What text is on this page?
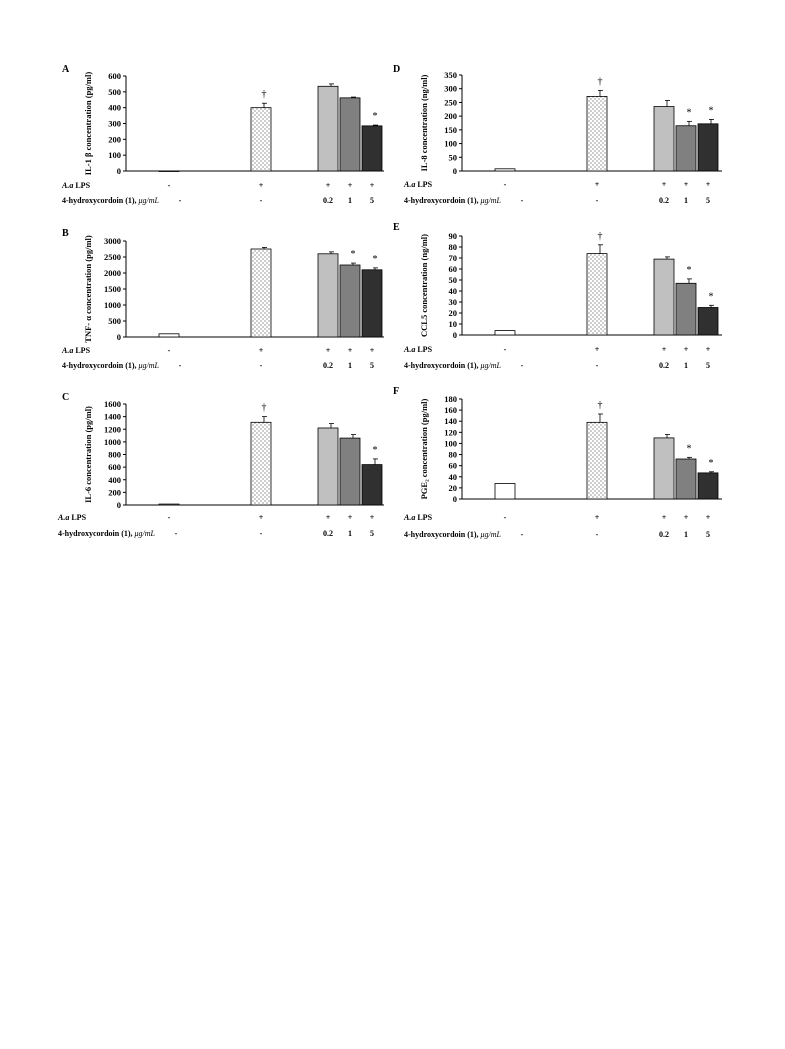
A
IL-1 β concentration (pg/ml)	0
100
200
300
400
500
600
†
*
A.a LPS
4-hydroxycordoin (1), μg/mL
-	+	+ + +
-	-	0.2 1 5
B
TNF- α concentration (pg/ml)	0
500
1000
1500
2000
2500
3000
* *
A.a LPS
4-hydroxycordoin (1), μg/mL
-	+	+ + +
-	-	0.2 1 5
C
IL-6 concentration (pg/ml)
0
200
400
600
800
1000
1200
1400
1600	†
*
A.a LPS
4-hydroxycordoin (1), μg/mL
-	+	+ + +
-	-	0.2 1 5
D
IL-8 concentration (ng/ml)	0
50
100
150
200
250
300
350
†
* *
A.a LPS
4-hydroxycordoin (1), μg/mL
-	+	+ + +
-	-	0.2 1 5
E
CCL5 concentration (ng/ml)	0
10
20
30
40
50
60
70
80
90	†
*
*
A.a LPS
4-hydroxycordoin (1), μg/mL
-	+	+ + +
-	-	0.2 1 5
F
PGE₂ concentration (pg/ml)	0
20
40
60
80
100
120
140
160
180
†
*
*
A.a LPS
4-hydroxycordoin (1), μg/mL
-	+	+ + +
-	-	0.2 1 5
